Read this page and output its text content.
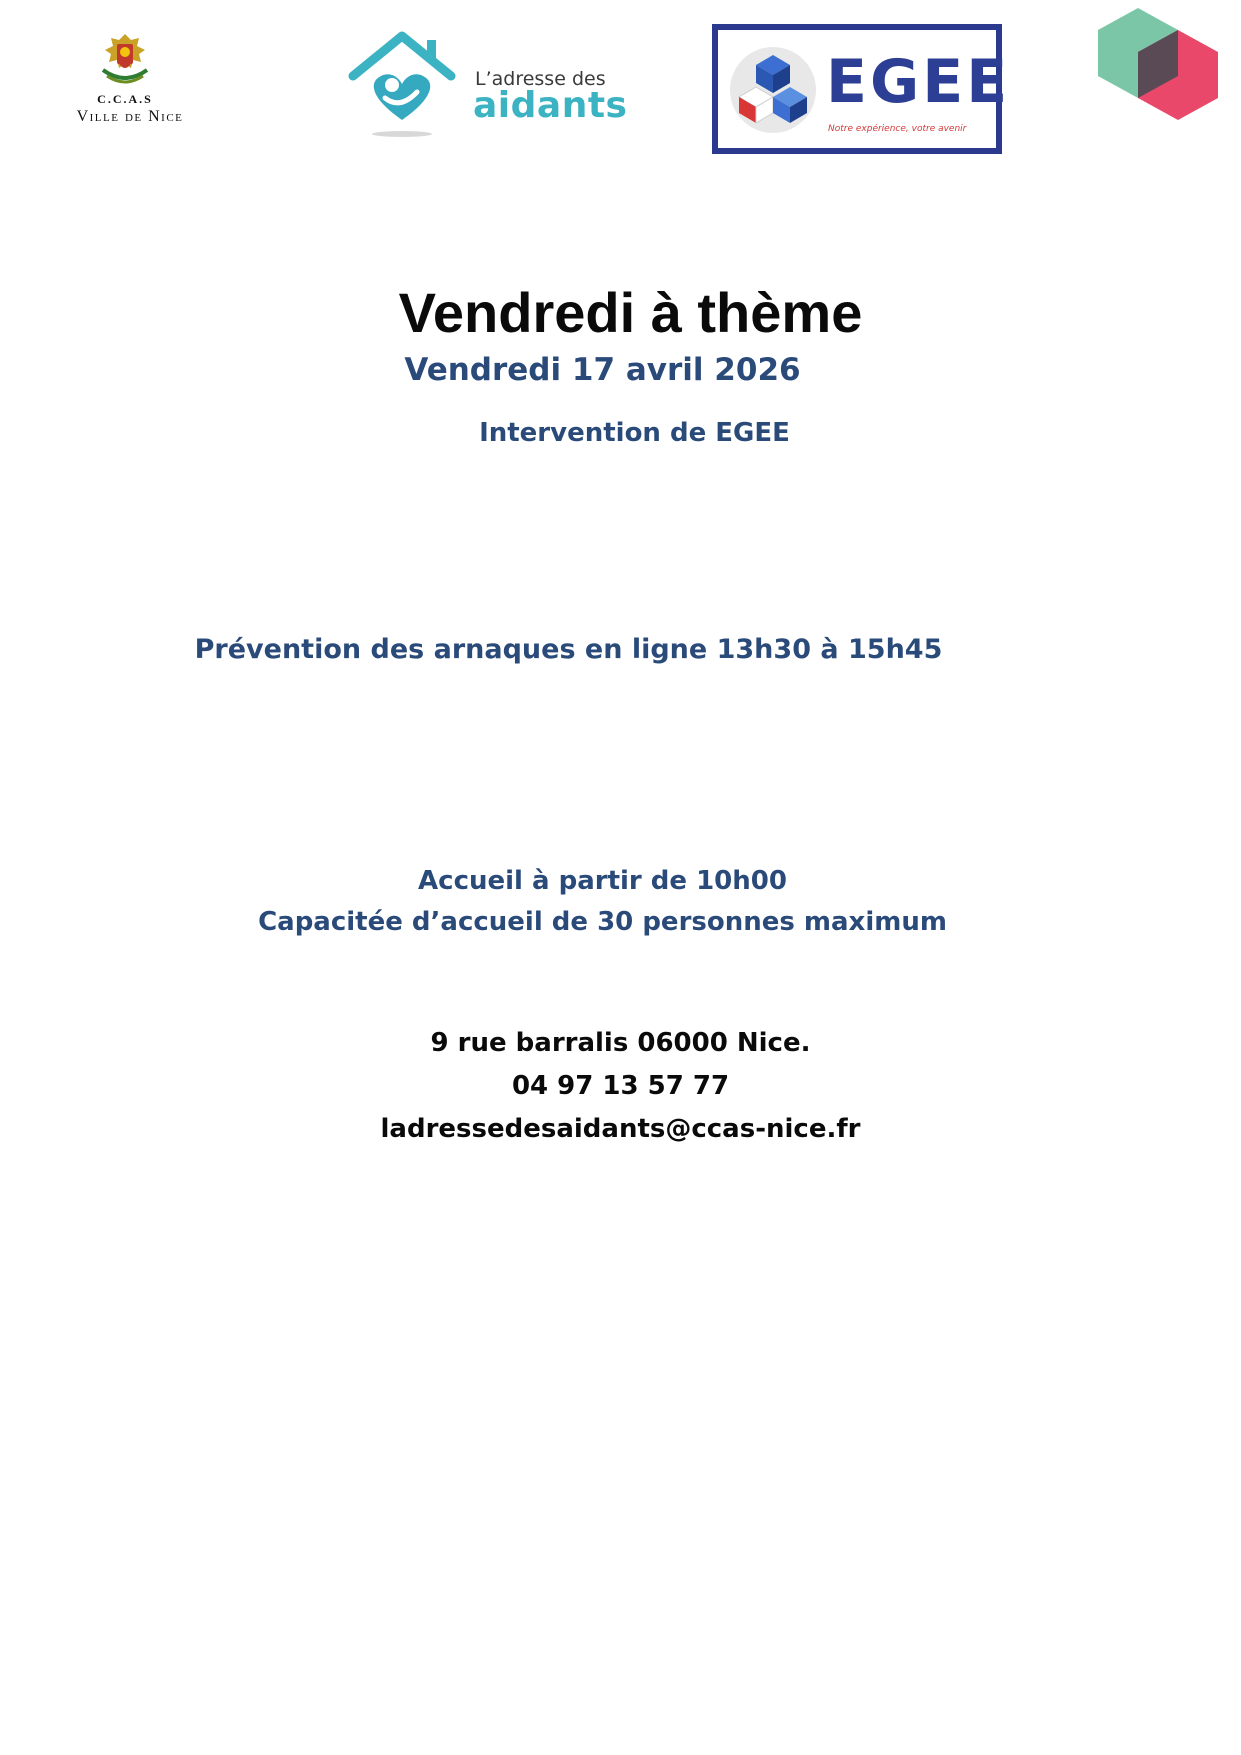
C.C.A.S
Ville de Nice
L’adresse des
aidants	EGEE
Notre expérience, votre avenir
Vendredi à thème
Vendredi 17 avril 2026
Intervention de EGEE
Prévention des arnaques en ligne 13h30 à 15h45
Accueil à partir de 10h00
Capacitée d’accueil de 30 personnes maximum
9 rue barralis 06000 Nice.
04 97 13 57 77
ladressedesaidants@ccas-nice.fr
